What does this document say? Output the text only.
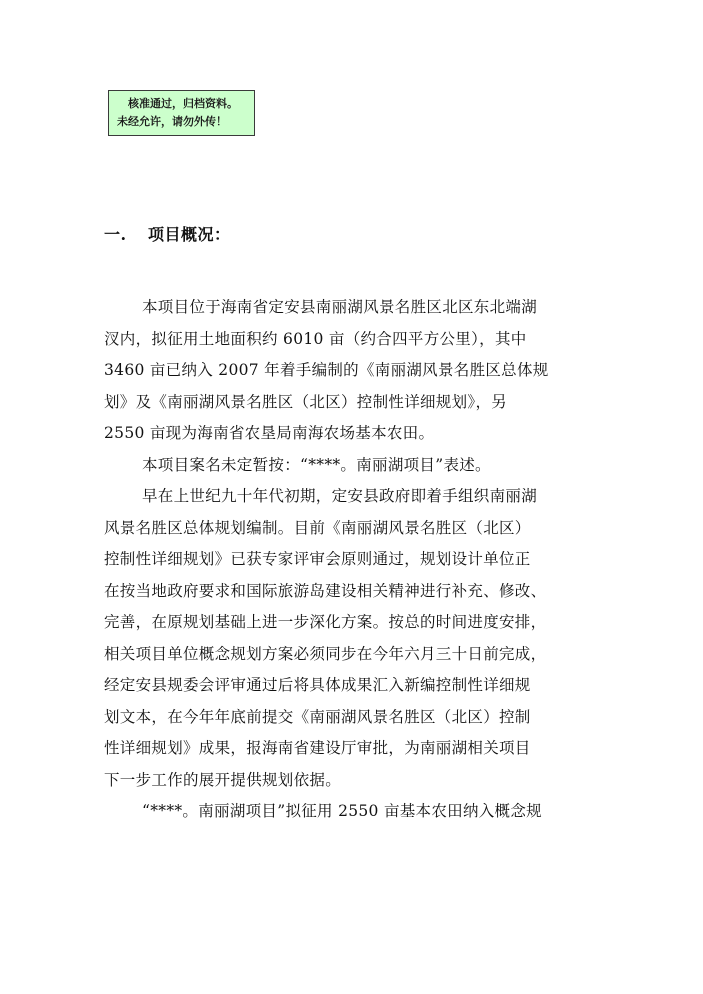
核准通过，归档资料。
未经允许，请勿外传！
一. 项目概况：

本项目位于海南省定安县南丽湖风景名胜区北区东北端湖

汊内，拟征用土地面积约 6010 亩（约合四平方公里），其中

3460 亩已纳入 2007 年着手编制的《南丽湖风景名胜区总体规

划》及《南丽湖风景名胜区（北区）控制性详细规划》，另

2550 亩现为海南省农垦局南海农场基本农田。

本项目案名未定暂按：“****。南丽湖项目”表述。

早在上世纪九十年代初期，定安县政府即着手组织南丽湖

风景名胜区总体规划编制。目前《南丽湖风景名胜区（北区）

控制性详细规划》已获专家评审会原则通过，规划设计单位正

在按当地政府要求和国际旅游岛建设相关精神进行补充、修改、

完善，在原规划基础上进一步深化方案。按总的时间进度安排，

相关项目单位概念规划方案必须同步在今年六月三十日前完成，

经定安县规委会评审通过后将具体成果汇入新编控制性详细规

划文本，在今年年底前提交《南丽湖风景名胜区（北区）控制

性详细规划》成果，报海南省建设厅审批，为南丽湖相关项目

下一步工作的展开提供规划依据。

“****。南丽湖项目”拟征用 2550 亩基本农田纳入概念规
